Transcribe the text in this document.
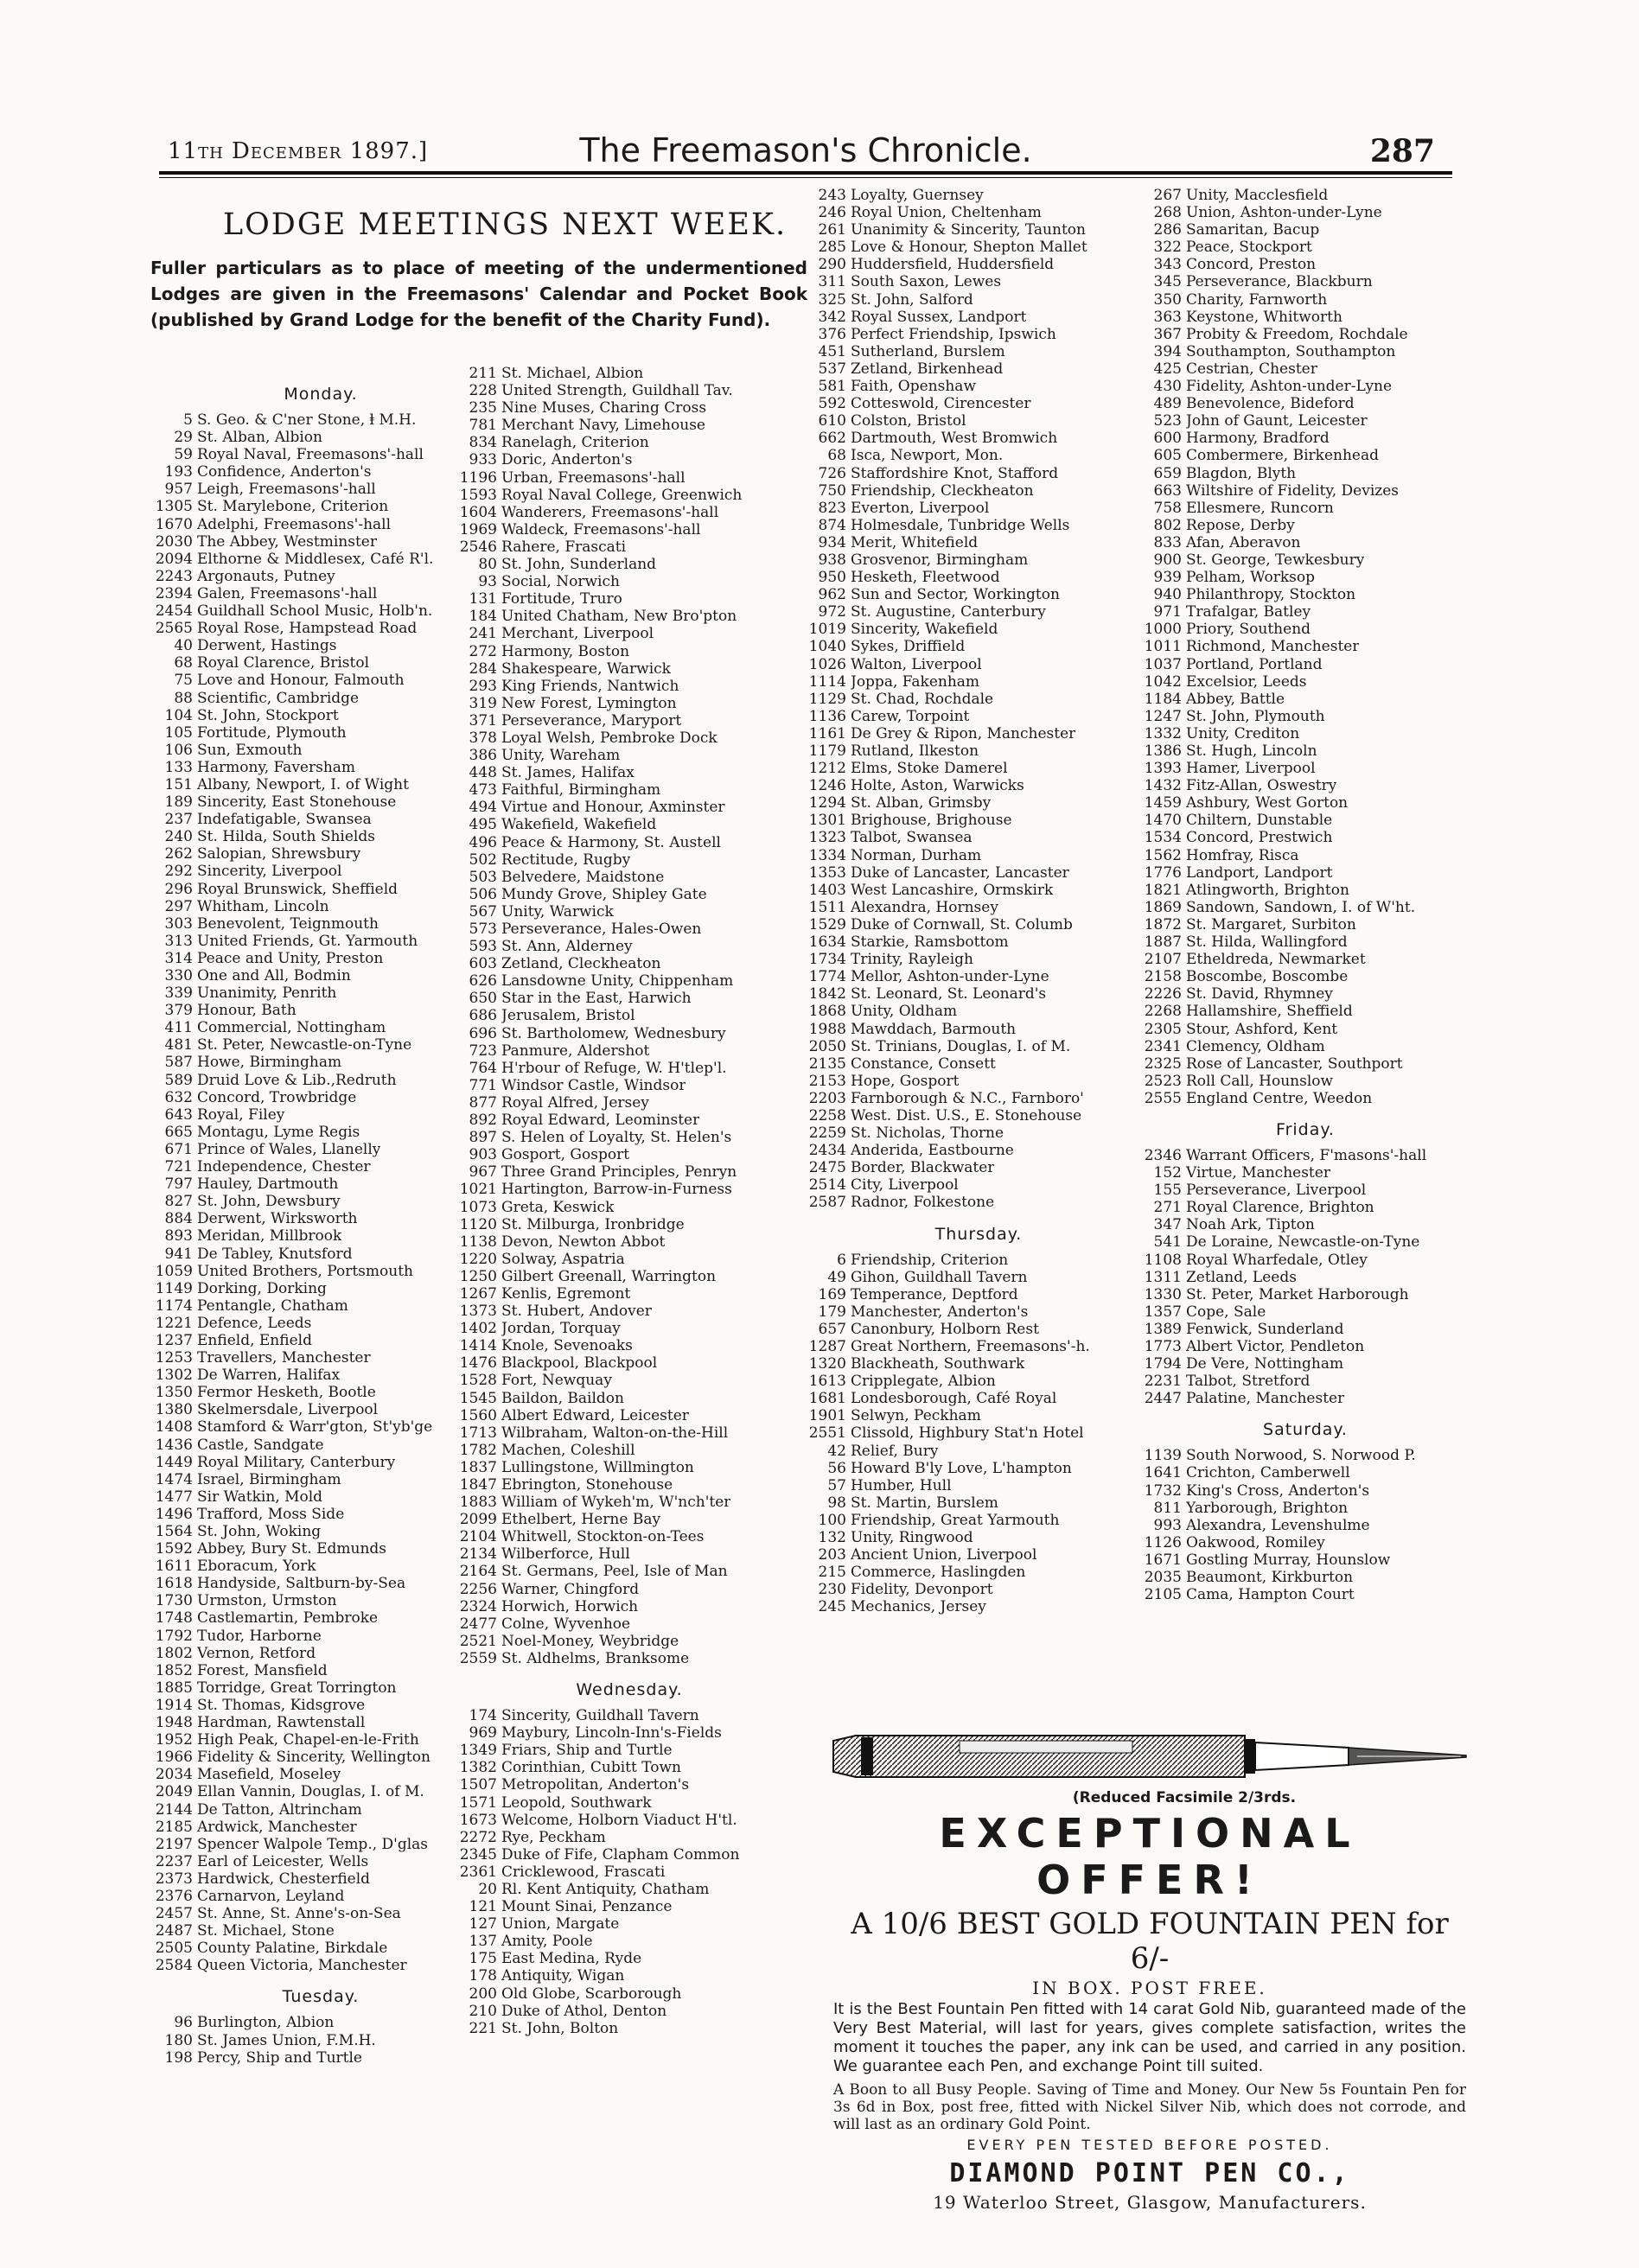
11th December 1897.]	The Freemason's Chronicle.	287
LODGE MEETINGS NEXT WEEK.
Fuller particulars as to place of meeting of the undermentioned Lodges are given in the Freemasons' Calendar and Pocket Book (published by Grand Lodge for the benefit of the Charity Fund).
Monday.
5 S. Geo. & C'ner Stone, ⱡ M.H.
29 St. Alban, Albion
59 Royal Naval, Freemasons'-hall
193 Confidence, Anderton's
957 Leigh, Freemasons'-hall
1305 St. Marylebone, Criterion
1670 Adelphi, Freemasons'-hall
2030 The Abbey, Westminster
2094 Elthorne & Middlesex, Café R'l.
2243 Argonauts, Putney
2394 Galen, Freemasons'-hall
2454 Guildhall School Music, Holb'n.
2565 Royal Rose, Hampstead Road
40 Derwent, Hastings
68 Royal Clarence, Bristol
75 Love and Honour, Falmouth
88 Scientific, Cambridge
104 St. John, Stockport
105 Fortitude, Plymouth
106 Sun, Exmouth
133 Harmony, Faversham
151 Albany, Newport, I. of Wight
189 Sincerity, East Stonehouse
237 Indefatigable, Swansea
240 St. Hilda, South Shields
262 Salopian, Shrewsbury
292 Sincerity, Liverpool
296 Royal Brunswick, Sheffield
297 Whitham, Lincoln
303 Benevolent, Teignmouth
313 United Friends, Gt. Yarmouth
314 Peace and Unity, Preston
330 One and All, Bodmin
339 Unanimity, Penrith
379 Honour, Bath
411 Commercial, Nottingham
481 St. Peter, Newcastle-on-Tyne
587 Howe, Birmingham
589 Druid Love & Lib.,Redruth
632 Concord, Trowbridge
643 Royal, Filey
665 Montagu, Lyme Regis
671 Prince of Wales, Llanelly
721 Independence, Chester
797 Hauley, Dartmouth
827 St. John, Dewsbury
884 Derwent, Wirksworth
893 Meridan, Millbrook
941 De Tabley, Knutsford
1059 United Brothers, Portsmouth
1149 Dorking, Dorking
1174 Pentangle, Chatham
1221 Defence, Leeds
1237 Enfield, Enfield
1253 Travellers, Manchester
1302 De Warren, Halifax
1350 Fermor Hesketh, Bootle
1380 Skelmersdale, Liverpool
1408 Stamford & Warr'gton, St'yb'ge
1436 Castle, Sandgate
1449 Royal Military, Canterbury
1474 Israel, Birmingham
1477 Sir Watkin, Mold
1496 Trafford, Moss Side
1564 St. John, Woking
1592 Abbey, Bury St. Edmunds
1611 Eboracum, York
1618 Handyside, Saltburn-by-Sea
1730 Urmston, Urmston
1748 Castlemartin, Pembroke
1792 Tudor, Harborne
1802 Vernon, Retford
1852 Forest, Mansfield
1885 Torridge, Great Torrington
1914 St. Thomas, Kidsgrove
1948 Hardman, Rawtenstall
1952 High Peak, Chapel-en-le-Frith
1966 Fidelity & Sincerity, Wellington
2034 Masefield, Moseley
2049 Ellan Vannin, Douglas, I. of M.
2144 De Tatton, Altrincham
2185 Ardwick, Manchester
2197 Spencer Walpole Temp., D'glas
2237 Earl of Leicester, Wells
2373 Hardwick, Chesterfield
2376 Carnarvon, Leyland
2457 St. Anne, St. Anne's-on-Sea
2487 St. Michael, Stone
2505 County Palatine, Birkdale
2584 Queen Victoria, Manchester
Tuesday.
96 Burlington, Albion
180 St. James Union, F.M.H.
198 Percy, Ship and Turtle
211 St. Michael, Albion
228 United Strength, Guildhall Tav.
235 Nine Muses, Charing Cross
781 Merchant Navy, Limehouse
834 Ranelagh, Criterion
933 Doric, Anderton's
1196 Urban, Freemasons'-hall
1593 Royal Naval College, Greenwich
1604 Wanderers, Freemasons'-hall
1969 Waldeck, Freemasons'-hall
2546 Rahere, Frascati
80 St. John, Sunderland
93 Social, Norwich
131 Fortitude, Truro
184 United Chatham, New Bro'pton
241 Merchant, Liverpool
272 Harmony, Boston
284 Shakespeare, Warwick
293 King Friends, Nantwich
319 New Forest, Lymington
371 Perseverance, Maryport
378 Loyal Welsh, Pembroke Dock
386 Unity, Wareham
448 St. James, Halifax
473 Faithful, Birmingham
494 Virtue and Honour, Axminster
495 Wakefield, Wakefield
496 Peace & Harmony, St. Austell
502 Rectitude, Rugby
503 Belvedere, Maidstone
506 Mundy Grove, Shipley Gate
567 Unity, Warwick
573 Perseverance, Hales-Owen
593 St. Ann, Alderney
603 Zetland, Cleckheaton
626 Lansdowne Unity, Chippenham
650 Star in the East, Harwich
686 Jerusalem, Bristol
696 St. Bartholomew, Wednesbury
723 Panmure, Aldershot
764 H'rbour of Refuge, W. H'tlep'l.
771 Windsor Castle, Windsor
877 Royal Alfred, Jersey
892 Royal Edward, Leominster
897 S. Helen of Loyalty, St. Helen's
903 Gosport, Gosport
967 Three Grand Principles, Penryn
1021 Hartington, Barrow-in-Furness
1073 Greta, Keswick
1120 St. Milburga, Ironbridge
1138 Devon, Newton Abbot
1220 Solway, Aspatria
1250 Gilbert Greenall, Warrington
1267 Kenlis, Egremont
1373 St. Hubert, Andover
1402 Jordan, Torquay
1414 Knole, Sevenoaks
1476 Blackpool, Blackpool
1528 Fort, Newquay
1545 Baildon, Baildon
1560 Albert Edward, Leicester
1713 Wilbraham, Walton-on-the-Hill
1782 Machen, Coleshill
1837 Lullingstone, Willmington
1847 Ebrington, Stonehouse
1883 William of Wykeh'm, W'nch'ter
2099 Ethelbert, Herne Bay
2104 Whitwell, Stockton-on-Tees
2134 Wilberforce, Hull
2164 St. Germans, Peel, Isle of Man
2256 Warner, Chingford
2324 Horwich, Horwich
2477 Colne, Wyvenhoe
2521 Noel-Money, Weybridge
2559 St. Aldhelms, Branksome
Wednesday.
174 Sincerity, Guildhall Tavern
969 Maybury, Lincoln-Inn's-Fields
1349 Friars, Ship and Turtle
1382 Corinthian, Cubitt Town
1507 Metropolitan, Anderton's
1571 Leopold, Southwark
1673 Welcome, Holborn Viaduct H'tl.
2272 Rye, Peckham
2345 Duke of Fife, Clapham Common
2361 Cricklewood, Frascati
20 Rl. Kent Antiquity, Chatham
121 Mount Sinai, Penzance
127 Union, Margate
137 Amity, Poole
175 East Medina, Ryde
178 Antiquity, Wigan
200 Old Globe, Scarborough
210 Duke of Athol, Denton
221 St. John, Bolton
243 Loyalty, Guernsey
246 Royal Union, Cheltenham
261 Unanimity & Sincerity, Taunton
285 Love & Honour, Shepton Mallet
290 Huddersfield, Huddersfield
311 South Saxon, Lewes
325 St. John, Salford
342 Royal Sussex, Landport
376 Perfect Friendship, Ipswich
451 Sutherland, Burslem
537 Zetland, Birkenhead
581 Faith, Openshaw
592 Cotteswold, Cirencester
610 Colston, Bristol
662 Dartmouth, West Bromwich
68 Isca, Newport, Mon.
726 Staffordshire Knot, Stafford
750 Friendship, Cleckheaton
823 Everton, Liverpool
874 Holmesdale, Tunbridge Wells
934 Merit, Whitefield
938 Grosvenor, Birmingham
950 Hesketh, Fleetwood
962 Sun and Sector, Workington
972 St. Augustine, Canterbury
1019 Sincerity, Wakefield
1040 Sykes, Driffield
1026 Walton, Liverpool
1114 Joppa, Fakenham
1129 St. Chad, Rochdale
1136 Carew, Torpoint
1161 De Grey & Ripon, Manchester
1179 Rutland, Ilkeston
1212 Elms, Stoke Damerel
1246 Holte, Aston, Warwicks
1294 St. Alban, Grimsby
1301 Brighouse, Brighouse
1323 Talbot, Swansea
1334 Norman, Durham
1353 Duke of Lancaster, Lancaster
1403 West Lancashire, Ormskirk
1511 Alexandra, Hornsey
1529 Duke of Cornwall, St. Columb
1634 Starkie, Ramsbottom
1734 Trinity, Rayleigh
1774 Mellor, Ashton-under-Lyne
1842 St. Leonard, St. Leonard's
1868 Unity, Oldham
1988 Mawddach, Barmouth
2050 St. Trinians, Douglas, I. of M.
2135 Constance, Consett
2153 Hope, Gosport
2203 Farnborough & N.C., Farnboro'
2258 West. Dist. U.S., E. Stonehouse
2259 St. Nicholas, Thorne
2434 Anderida, Eastbourne
2475 Border, Blackwater
2514 City, Liverpool
2587 Radnor, Folkestone
Thursday.
6 Friendship, Criterion
49 Gihon, Guildhall Tavern
169 Temperance, Deptford
179 Manchester, Anderton's
657 Canonbury, Holborn Rest
1287 Great Northern, Freemasons'-h.
1320 Blackheath, Southwark
1613 Cripplegate, Albion
1681 Londesborough, Café Royal
1901 Selwyn, Peckham
2551 Clissold, Highbury Stat'n Hotel
42 Relief, Bury
56 Howard B'ly Love, L'hampton
57 Humber, Hull
98 St. Martin, Burslem
100 Friendship, Great Yarmouth
132 Unity, Ringwood
203 Ancient Union, Liverpool
215 Commerce, Haslingden
230 Fidelity, Devonport
245 Mechanics, Jersey
267 Unity, Macclesfield
268 Union, Ashton-under-Lyne
286 Samaritan, Bacup
322 Peace, Stockport
343 Concord, Preston
345 Perseverance, Blackburn
350 Charity, Farnworth
363 Keystone, Whitworth
367 Probity & Freedom, Rochdale
394 Southampton, Southampton
425 Cestrian, Chester
430 Fidelity, Ashton-under-Lyne
489 Benevolence, Bideford
523 John of Gaunt, Leicester
600 Harmony, Bradford
605 Combermere, Birkenhead
659 Blagdon, Blyth
663 Wiltshire of Fidelity, Devizes
758 Ellesmere, Runcorn
802 Repose, Derby
833 Afan, Aberavon
900 St. George, Tewkesbury
939 Pelham, Worksop
940 Philanthropy, Stockton
971 Trafalgar, Batley
1000 Priory, Southend
1011 Richmond, Manchester
1037 Portland, Portland
1042 Excelsior, Leeds
1184 Abbey, Battle
1247 St. John, Plymouth
1332 Unity, Crediton
1386 St. Hugh, Lincoln
1393 Hamer, Liverpool
1432 Fitz-Allan, Oswestry
1459 Ashbury, West Gorton
1470 Chiltern, Dunstable
1534 Concord, Prestwich
1562 Homfray, Risca
1776 Landport, Landport
1821 Atlingworth, Brighton
1869 Sandown, Sandown, I. of W'ht.
1872 St. Margaret, Surbiton
1887 St. Hilda, Wallingford
2107 Etheldreda, Newmarket
2158 Boscombe, Boscombe
2226 St. David, Rhymney
2268 Hallamshire, Sheffield
2305 Stour, Ashford, Kent
2341 Clemency, Oldham
2325 Rose of Lancaster, Southport
2523 Roll Call, Hounslow
2555 England Centre, Weedon
Friday.
2346 Warrant Officers, F'masons'-hall
152 Virtue, Manchester
155 Perseverance, Liverpool
271 Royal Clarence, Brighton
347 Noah Ark, Tipton
541 De Loraine, Newcastle-on-Tyne
1108 Royal Wharfedale, Otley
1311 Zetland, Leeds
1330 St. Peter, Market Harborough
1357 Cope, Sale
1389 Fenwick, Sunderland
1773 Albert Victor, Pendleton
1794 De Vere, Nottingham
2231 Talbot, Stretford
2447 Palatine, Manchester
Saturday.
1139 South Norwood, S. Norwood P.
1641 Crichton, Camberwell
1732 King's Cross, Anderton's
811 Yarborough, Brighton
993 Alexandra, Levenshulme
1126 Oakwood, Romiley
1671 Gostling Murray, Hounslow
2035 Beaumont, Kirkburton
2105 Cama, Hampton Court
(Reduced Facsimile 2/3rds.
EXCEPTIONAL OFFER!
A 10/6 BEST GOLD FOUNTAIN PEN for 6/-
IN BOX. POST FREE.
It is the Best Fountain Pen fitted with 14 carat Gold Nib, guaranteed made of the Very Best Material, will last for years, gives complete satisfaction, writes the moment it touches the paper, any ink can be used, and carried in any position. We guarantee each Pen, and exchange Point till suited.
A Boon to all Busy People. Saving of Time and Money. Our New 5s Fountain Pen for 3s 6d in Box, post free, fitted with Nickel Silver Nib, which does not corrode, and will last as an ordinary Gold Point.
EVERY PEN TESTED BEFORE POSTED.
DIAMOND POINT PEN CO.,
19 Waterloo Street, Glasgow, Manufacturers.
